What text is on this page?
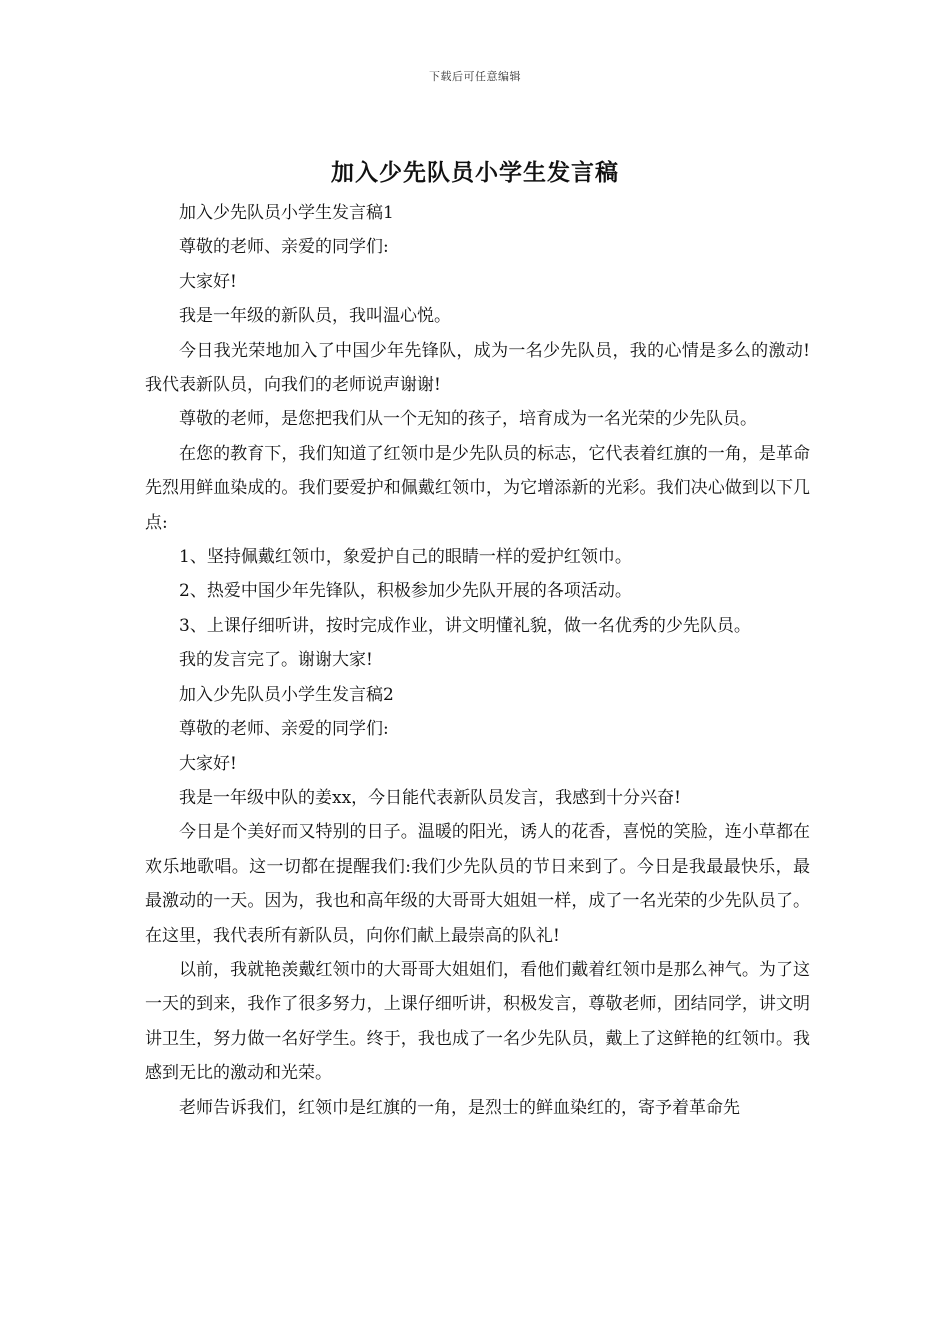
下载后可任意编辑
加入少先队员小学生发言稿

加入少先队员小学生发言稿1

尊敬的老师、亲爱的同学们:

大家好!

我是一年级的新队员，我叫温心悦。

今日我光荣地加入了中国少年先锋队，成为一名少先队员，我的心情是多么的激动!我代表新队员，向我们的老师说声谢谢!

尊敬的老师，是您把我们从一个无知的孩子，培育成为一名光荣的少先队员。

在您的教育下，我们知道了红领巾是少先队员的标志，它代表着红旗的一角，是革命先烈用鲜血染成的。我们要爱护和佩戴红领巾，为它增添新的光彩。我们决心做到以下几点:

1、坚持佩戴红领巾，象爱护自己的眼睛一样的爱护红领巾。

2、热爱中国少年先锋队，积极参加少先队开展的各项活动。

3、上课仔细听讲，按时完成作业，讲文明懂礼貌，做一名优秀的少先队员。

我的发言完了。谢谢大家!

加入少先队员小学生发言稿2

尊敬的老师、亲爱的同学们:

大家好!

我是一年级中队的姜xx，今日能代表新队员发言，我感到十分兴奋!

今日是个美好而又特别的日子。温暖的阳光，诱人的花香，喜悦的笑脸，连小草都在欢乐地歌唱。这一切都在提醒我们:我们少先队员的节日来到了。今日是我最最快乐，最最激动的一天。因为，我也和高年级的大哥哥大姐姐一样，成了一名光荣的少先队员了。在这里，我代表所有新队员，向你们献上最崇高的队礼!

以前，我就艳羡戴红领巾的大哥哥大姐姐们，看他们戴着红领巾是那么神气。为了这一天的到来，我作了很多努力，上课仔细听讲，积极发言，尊敬老师，团结同学，讲文明讲卫生，努力做一名好学生。终于，我也成了一名少先队员，戴上了这鲜艳的红领巾。我感到无比的激动和光荣。

老师告诉我们，红领巾是红旗的一角，是烈士的鲜血染红的，寄予着革命先
